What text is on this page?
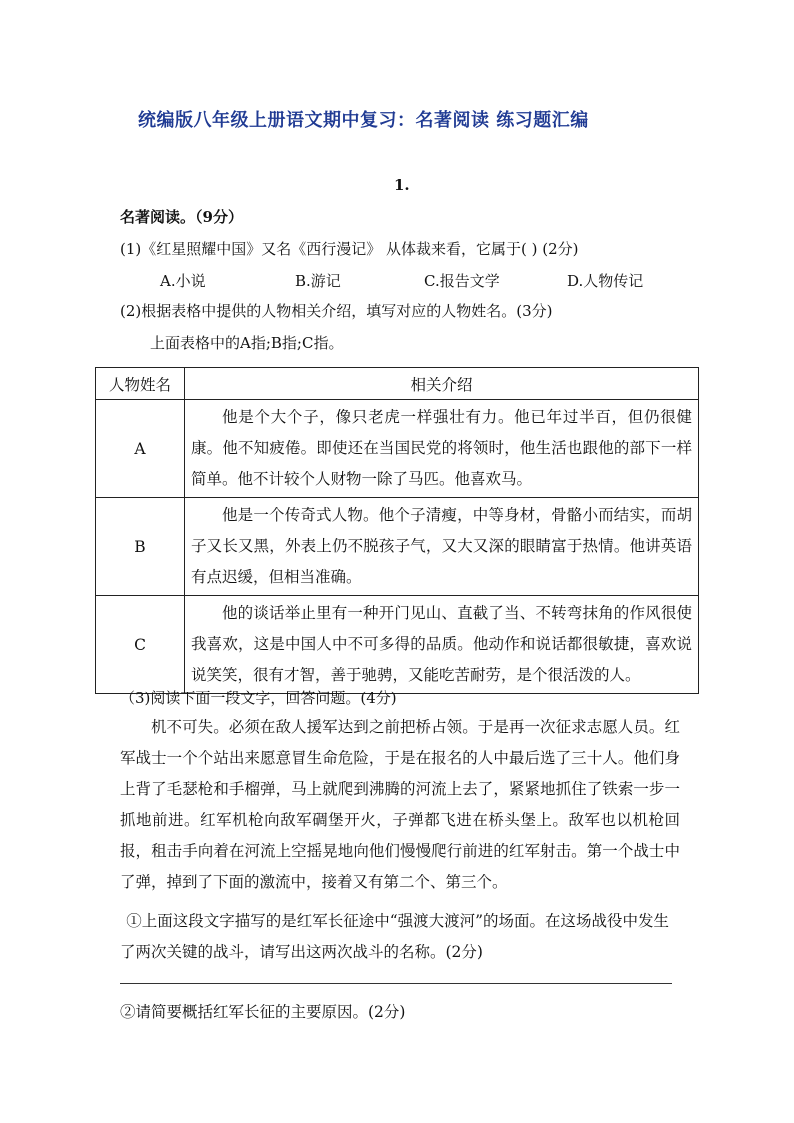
统编版八年级上册语文期中复习：名著阅读 练习题汇编
1.
名著阅读。（9分）
(1)《红星照耀中国》又名《西行漫记》 从体裁来看，它属于( ) (2分)
A.小说	B.游记	C.报告文学	D.人物传记
(2)根据表格中提供的人物相关介绍，填写对应的人物姓名。(3分)
上面表格中的A指;B指;C指。
人物姓名	相关介绍
A	他是个大个子，像只老虎一样强壮有力。他已年过半百，但仍很健康。他不知疲倦。即使还在当国民党的将领时，他生活也跟他的部下一样简单。他不计较个人财物一除了马匹。他喜欢马。
B	他是一个传奇式人物。他个子清瘦，中等身材，骨骼小而结实，而胡子又长又黑，外表上仍不脱孩子气，又大又深的眼睛富于热情。他讲英语有点迟缓，但相当准确。
C	他的谈话举止里有一种开门见山、直截了当、不转弯抹角的作风很使我喜欢，这是中国人中不可多得的品质。他动作和说话都很敏捷，喜欢说说笑笑，很有才智，善于驰骋，又能吃苦耐劳，是个很活泼的人。
（3)阅读下面一段文字，回答问题。(4分)
机不可失。必须在敌人援军达到之前把桥占领。于是再一次征求志愿人员。红军战士一个个站出来愿意冒生命危险，于是在报名的人中最后选了三十人。他们身上背了毛瑟枪和手榴弹，马上就爬到沸腾的河流上去了，紧紧地抓住了铁索一步一抓地前进。红军机枪向敌军碉堡开火，子弹都飞进在桥头堡上。敌军也以机枪回报，租击手向着在河流上空摇晃地向他们慢慢爬行前进的红军射击。第一个战士中了弹，掉到了下面的激流中，接着又有第二个、第三个。
①上面这段文字描写的是红军长征途中“强渡大渡河”的场面。在这场战役中发生了两次关键的战斗，请写出这两次战斗的名称。(2分)
②请简要概括红军长征的主要原因。(2分)
